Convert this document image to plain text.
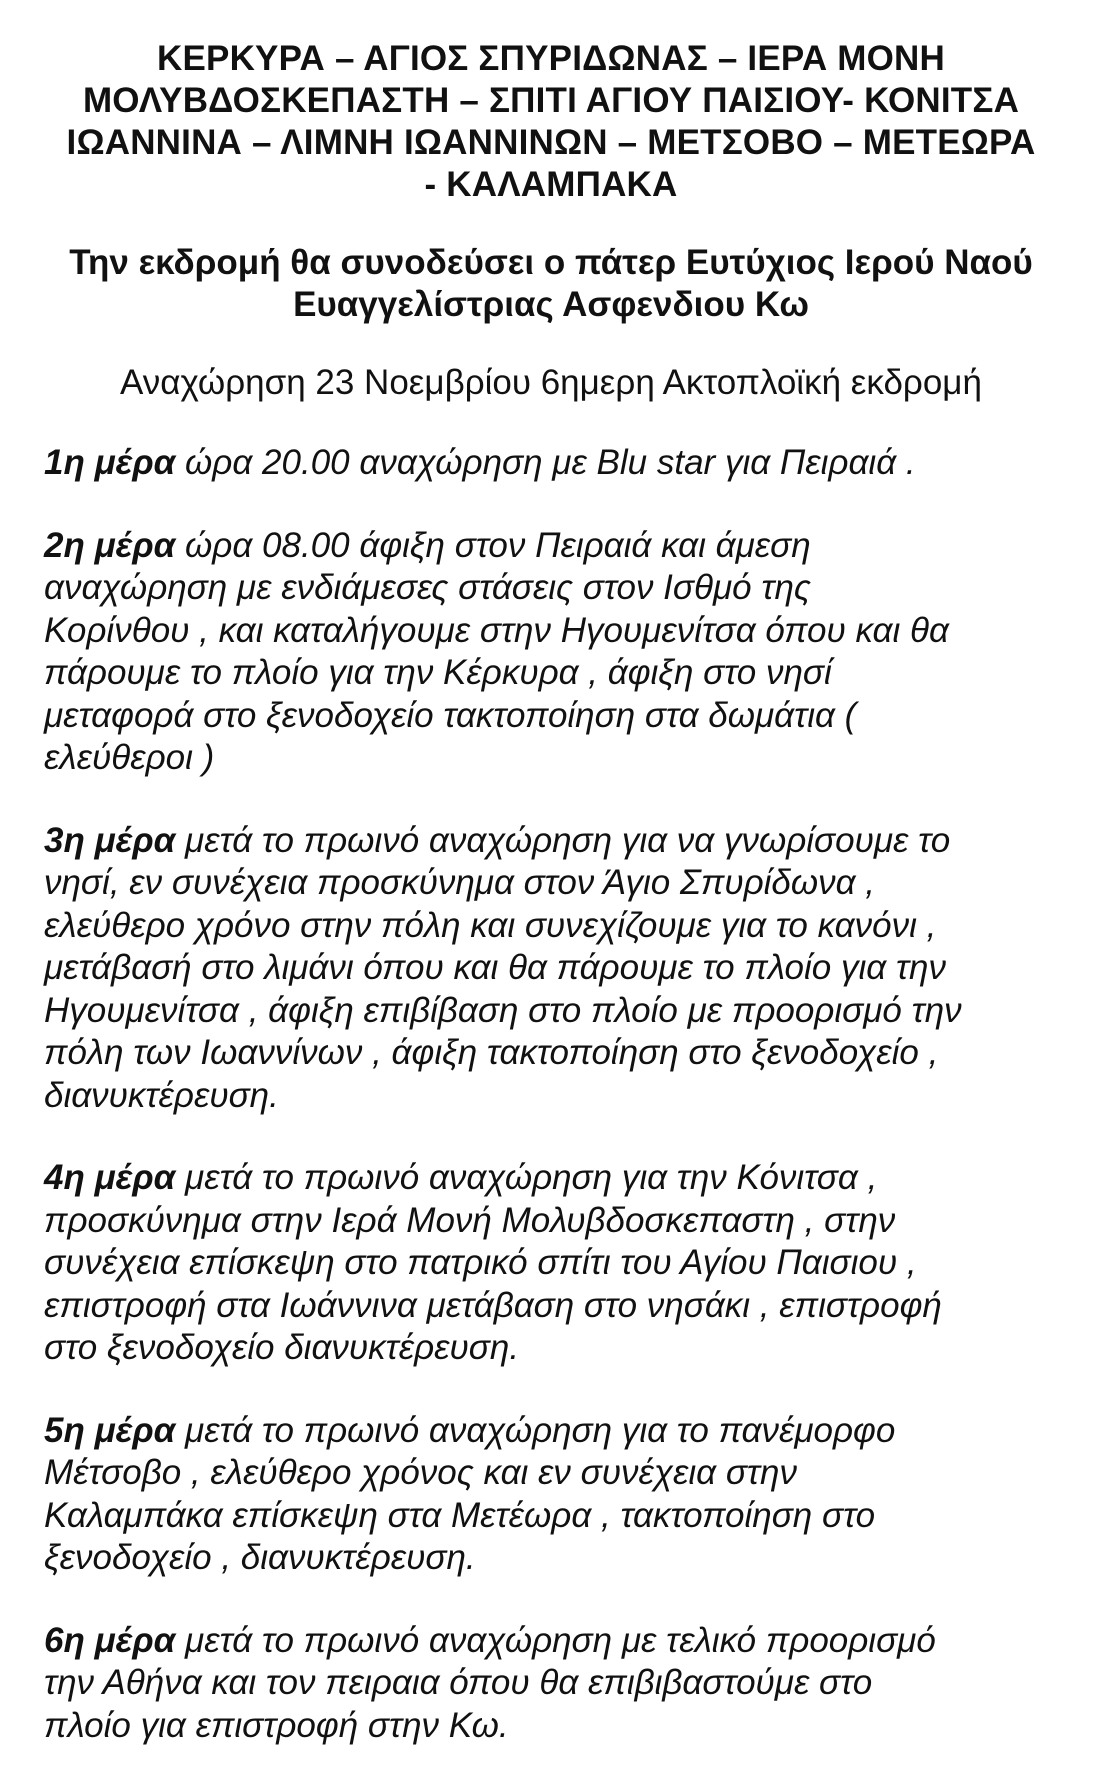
ΚΕΡΚΥΡΑ – ΑΓΙΟΣ ΣΠΥΡΙΔΩΝΑΣ – ΙΕΡΑ ΜΟΝΗ
ΜΟΛΥΒΔΟΣΚΕΠΑΣΤΗ – ΣΠΙΤΙ ΑΓΙΟΥ ΠΑΙΣΙΟΥ- ΚΟΝΙΤΣΑ
ΙΩΑΝΝΙΝΑ – ΛΙΜΝΗ ΙΩΑΝΝΙΝΩΝ – ΜΕΤΣΟΒΟ – ΜΕΤΕΩΡΑ
- ΚΑΛΑΜΠΑΚΑ

Την εκδρομή θα συνοδεύσει ο πάτερ Ευτύχιος Ιερού Ναού
Ευαγγελίστριας Ασφενδιου Κω

Αναχώρηση 23 Νοεμβρίου 6ημερη Ακτοπλοϊκή εκδρομή

1η μέρα ώρα 20.00 αναχώρηση με Blu star για Πειραιά .

2η μέρα ώρα 08.00 άφιξη στον Πειραιά και άμεση
αναχώρηση με ενδιάμεσες στάσεις στον Ισθμό της
Κορίνθου , και καταλήγουμε στην Ηγουμενίτσα όπου και θα
πάρουμε το πλοίο για την Κέρκυρα , άφιξη στο νησί
μεταφορά στο ξενοδοχείο τακτοποίηση στα δωμάτια (
ελεύθεροι )

3η μέρα μετά το πρωινό αναχώρηση για να γνωρίσουμε το
νησί, εν συνέχεια προσκύνημα στον Άγιο Σπυρίδωνα ,
ελεύθερο χρόνο στην πόλη και συνεχίζουμε για το κανόνι ,
μετάβασή στο λιμάνι όπου και θα πάρουμε το πλοίο για την
Ηγουμενίτσα , άφιξη επιβίβαση στο πλοίο με προορισμό την
πόλη των Ιωαννίνων , άφιξη τακτοποίηση στο ξενοδοχείο ,
διανυκτέρευση.

4η μέρα μετά το πρωινό αναχώρηση για την Κόνιτσα ,
προσκύνημα στην Ιερά Μονή Μολυβδοσκεπαστη , στην
συνέχεια επίσκεψη στο πατρικό σπίτι του Αγίου Παισιου ,
επιστροφή στα Ιωάννινα μετάβαση στο νησάκι , επιστροφή
στο ξενοδοχείο διανυκτέρευση.

5η μέρα μετά το πρωινό αναχώρηση για το πανέμορφο
Μέτσοβο , ελεύθερο χρόνος και εν συνέχεια στην
Καλαμπάκα επίσκεψη στα Μετέωρα , τακτοποίηση στο
ξενοδοχείο , διανυκτέρευση.

6η μέρα μετά το πρωινό αναχώρηση με τελικό προορισμό
την Αθήνα και τον πειραια όπου θα επιβιβαστούμε στο
πλοίο για επιστροφή στην Κω.
